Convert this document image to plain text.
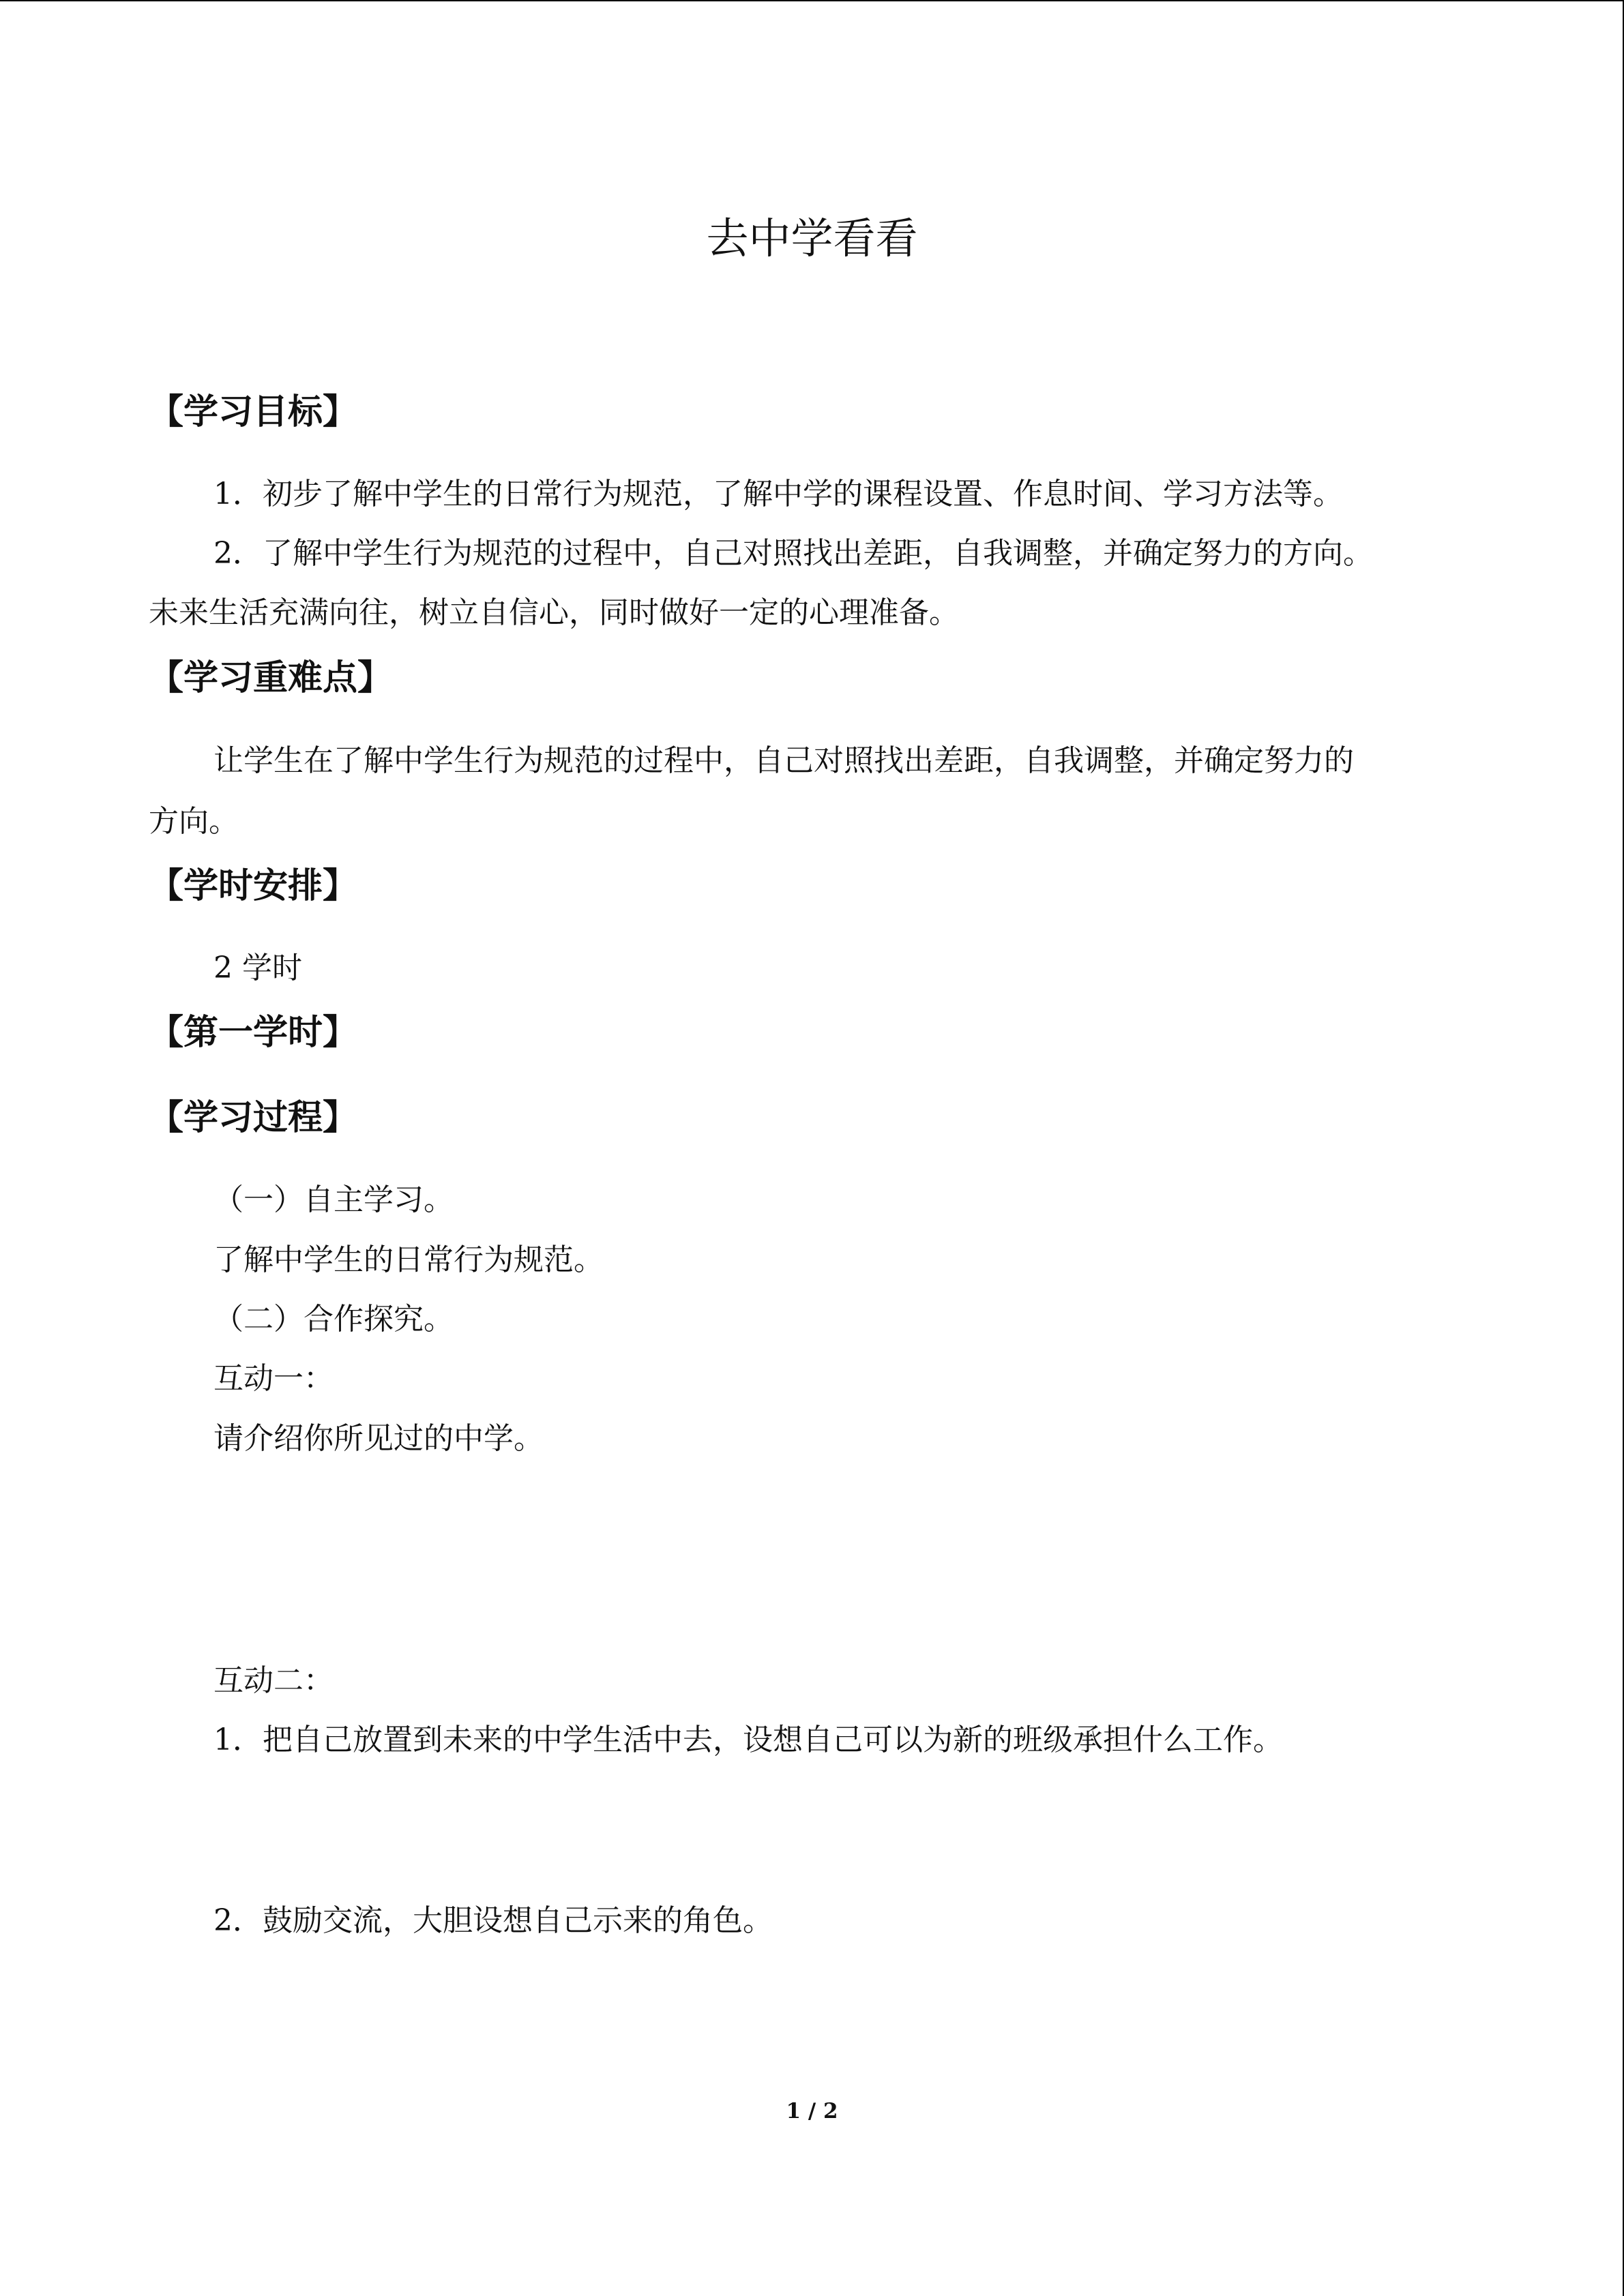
去中学看看
【学习目标】
1．初步了解中学生的日常行为规范，了解中学的课程设置、作息时间、学习方法等。
2．了解中学生行为规范的过程中，自己对照找出差距，自我调整，并确定努力的方向。
未来生活充满向往，树立自信心，同时做好一定的心理准备。
【学习重难点】
让学生在了解中学生行为规范的过程中，自己对照找出差距，自我调整，并确定努力的
方向。
【学时安排】
2 学时
【第一学时】
【学习过程】
（一）自主学习。
了解中学生的日常行为规范。
（二）合作探究。
互动一：
请介绍你所见过的中学。
互动二：
1．把自己放置到未来的中学生活中去，设想自己可以为新的班级承担什么工作。
2．鼓励交流，大胆设想自己示来的角色。
1 / 2
